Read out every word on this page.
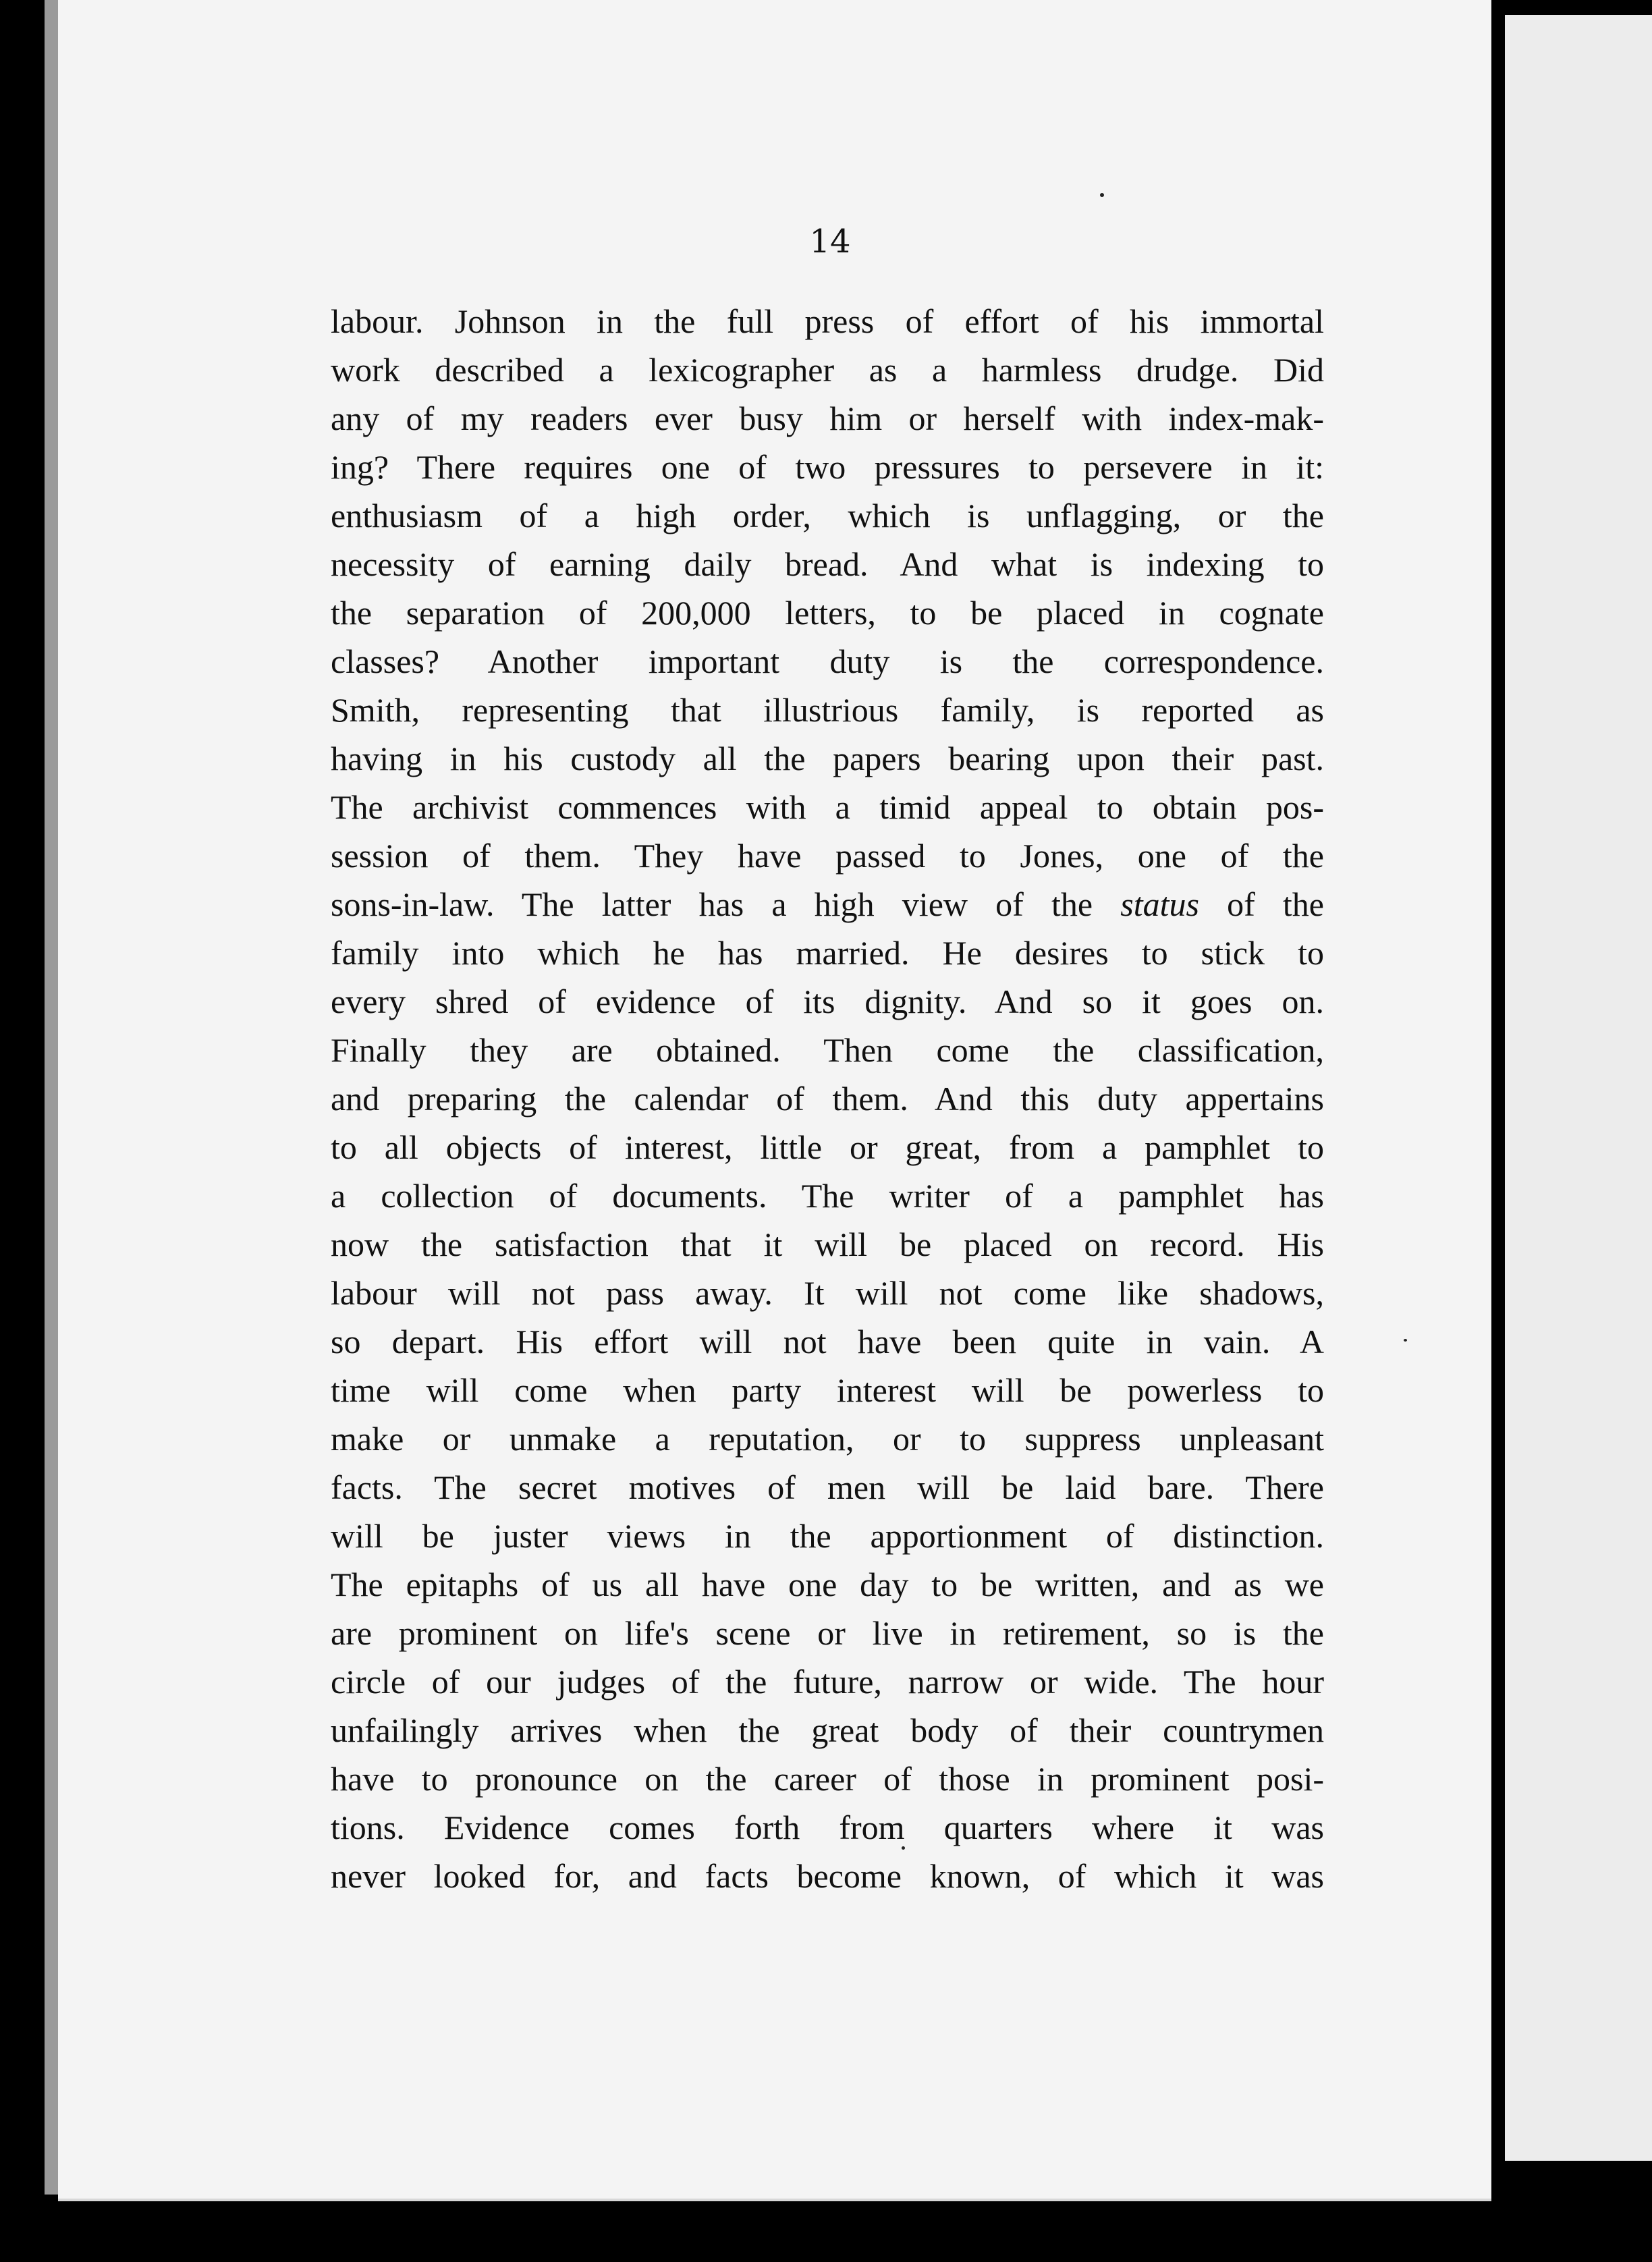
14

labour. Johnson in the full press of effort of his immortal
work described a lexicographer as a harmless drudge. Did
any of my readers ever busy him or herself with index-mak-
ing? There requires one of two pressures to persevere in it:
enthusiasm of a high order, which is unflagging, or the
necessity of earning daily bread. And what is indexing to
the separation of 200,000 letters, to be placed in cognate
classes? Another important duty is the correspondence.
Smith, representing that illustrious family, is reported as
having in his custody all the papers bearing upon their past.
The archivist commences with a timid appeal to obtain pos-
session of them. They have passed to Jones, one of the
sons-in-law. The latter has a high view of the status of the
family into which he has married. He desires to stick to
every shred of evidence of its dignity. And so it goes on.
Finally they are obtained. Then come the classification,
and preparing the calendar of them. And this duty appertains
to all objects of interest, little or great, from a pamphlet to
a collection of documents. The writer of a pamphlet has
now the satisfaction that it will be placed on record. His
labour will not pass away. It will not come like shadows,
so depart. His effort will not have been quite in vain. A
time will come when party interest will be powerless to
make or unmake a reputation, or to suppress unpleasant
facts. The secret motives of men will be laid bare. There
will be juster views in the apportionment of distinction.
The epitaphs of us all have one day to be written, and as we
are prominent on life's scene or live in retirement, so is the
circle of our judges of the future, narrow or wide. The hour
unfailingly arrives when the great body of their countrymen
have to pronounce on the career of those in prominent posi-
tions. Evidence comes forth from quarters where it was
never looked for, and facts become known, of which it was
